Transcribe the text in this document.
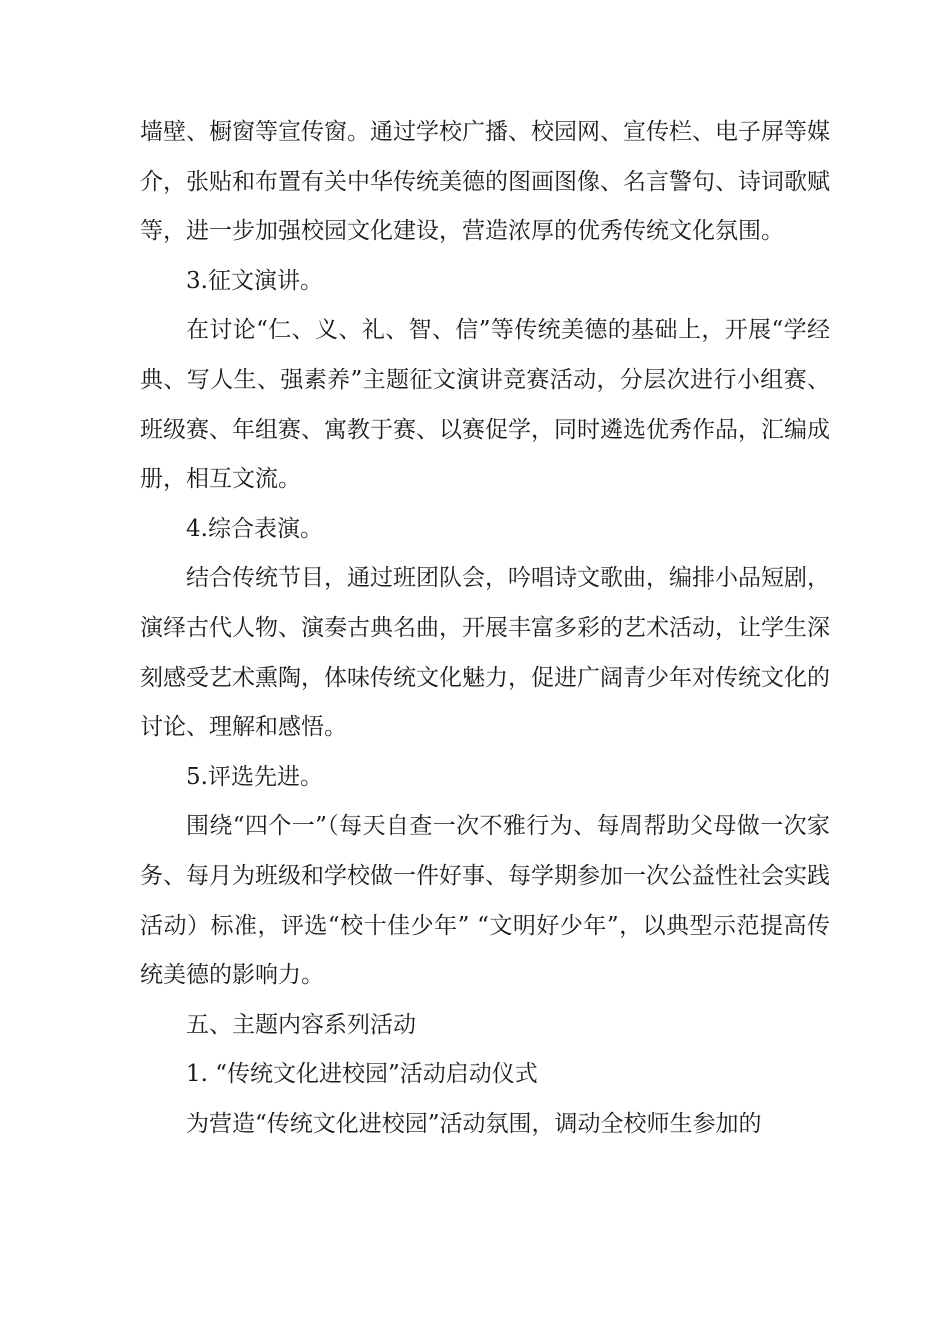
墙壁、橱窗等宣传窗。通过学校广播、校园网、宣传栏、电子屏等媒介，张贴和布置有关中华传统美德的图画图像、名言警句、诗词歌赋等，进一步加强校园文化建设，营造浓厚的优秀传统文化氛围。

3.征文演讲。

在讨论“仁、义、礼、智、信”等传统美德的基础上，开展“学经典、写人生、强素养”主题征文演讲竞赛活动，分层次进行小组赛、班级赛、年组赛、寓教于赛、以赛促学，同时遴选优秀作品，汇编成册，相互文流。

4.综合表演。

结合传统节目，通过班团队会，吟唱诗文歌曲，编排小品短剧，演绎古代人物、演奏古典名曲，开展丰富多彩的艺术活动，让学生深刻感受艺术熏陶，体味传统文化魅力，促进广阔青少年对传统文化的讨论、理解和感悟。

5.评选先进。

围绕“四个一”（每天自查一次不雅行为、每周帮助父母做一次家务、每月为班级和学校做一件好事、每学期参加一次公益性社会实践活动）标准，评选“校十佳少年” “文明好少年”，以典型示范提高传统美德的影响力。

五、主题内容系列活动

1. “传统文化进校园”活动启动仪式

为营造“传统文化进校园”活动氛围，调动全校师生参加的
